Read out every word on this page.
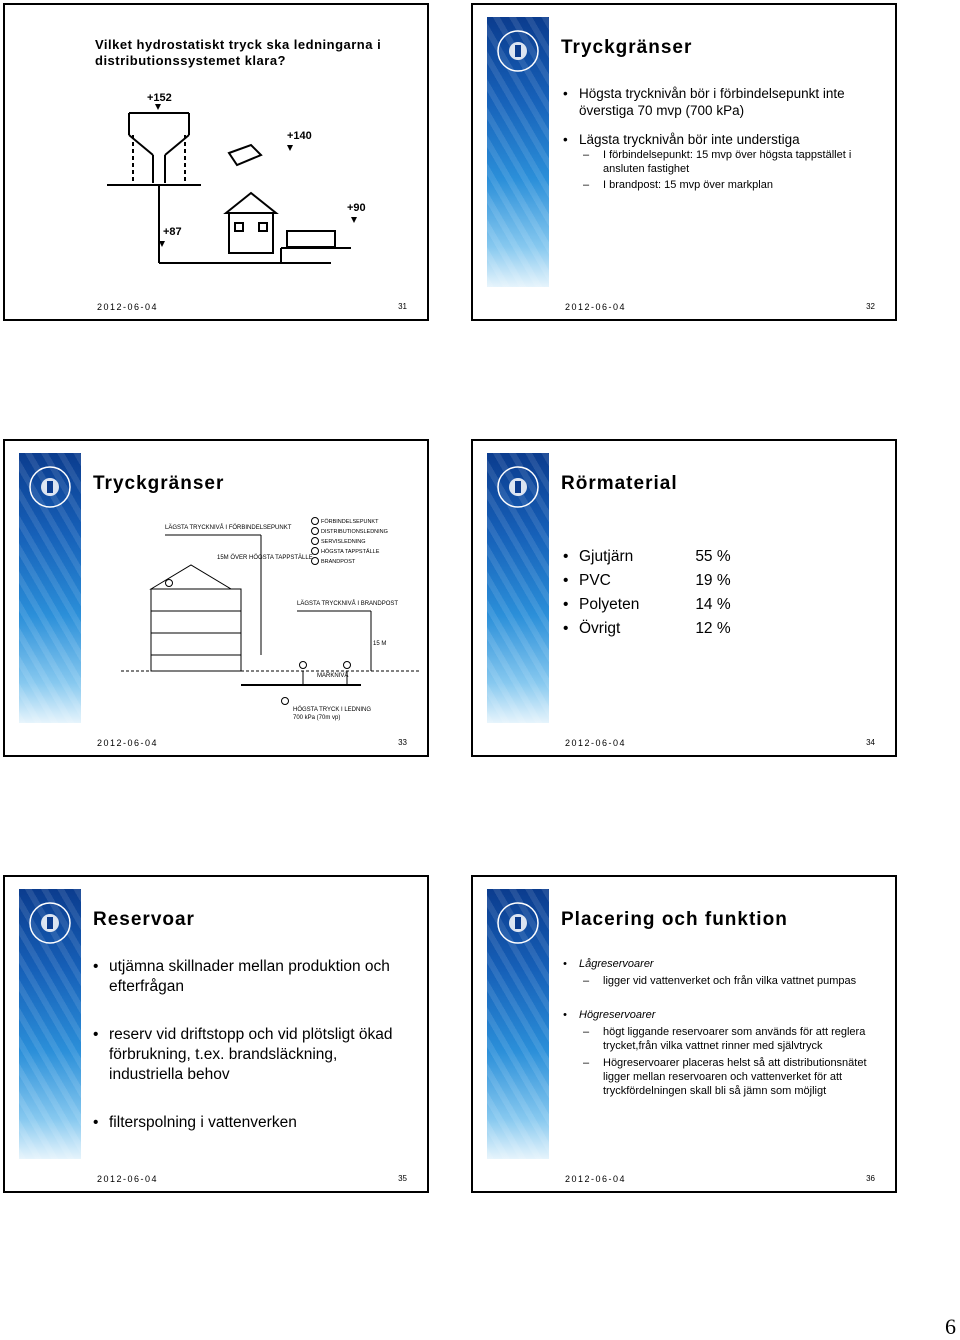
Vilket hydrostatiskt tryck ska ledningarna i distributionssystemet klara?
+152
+140
+90
+87
2012-06-04	31
Tryckgränser
• Högsta trycknivån bör i förbindelsepunkt inte överstiga 70 mvp (700 kPa)
• Lägsta trycknivån bör inte understiga
– I förbindelsepunkt: 15 mvp över högsta tappstället i ansluten fastighet
– I brandpost: 15 mvp över markplan
2012-06-04	32
Tryckgränser
LÄGSTA TRYCKNIVÅ I FÖRBINDELSEPUNKT
15M ÖVER HÖGSTA TAPPSTÄLLE
LÄGSTA TRYCKNIVÅ I BRANDPOST
15 M
MARKNIVÅ
HÖGSTA TRYCK I LEDNING
700 kPa (70m vp)
FÖRBINDELSEPUNKT
DISTRIBUTIONSLEDNING
SERVISLEDNING
HÖGSTA TAPPSTÄLLE
BRANDPOST
2012-06-04	33
Rörmaterial
• Gjutjärn	55 %
• PVC	19 %
• Polyeten	14 %
• Övrigt	12 %
2012-06-04	34
Reservoar
• utjämna skillnader mellan produktion och efterfrågan
• reserv vid driftstopp och vid plötsligt ökad förbrukning, t.ex. brandsläckning, industriella behov
• filterspolning i vattenverken
2012-06-04	35
Placering och funktion
• Lågreservoarer
– ligger vid vattenverket och från vilka vattnet pumpas
• Högreservoarer
– högt liggande reservoarer som används för att reglera trycket,från vilka vattnet rinner med självtryck
– Högreservoarer placeras helst så att distributionsnätet ligger mellan reservoaren och vattenverket för att tryckfördelningen skall bli så jämn som möjligt
2012-06-04	36
6
